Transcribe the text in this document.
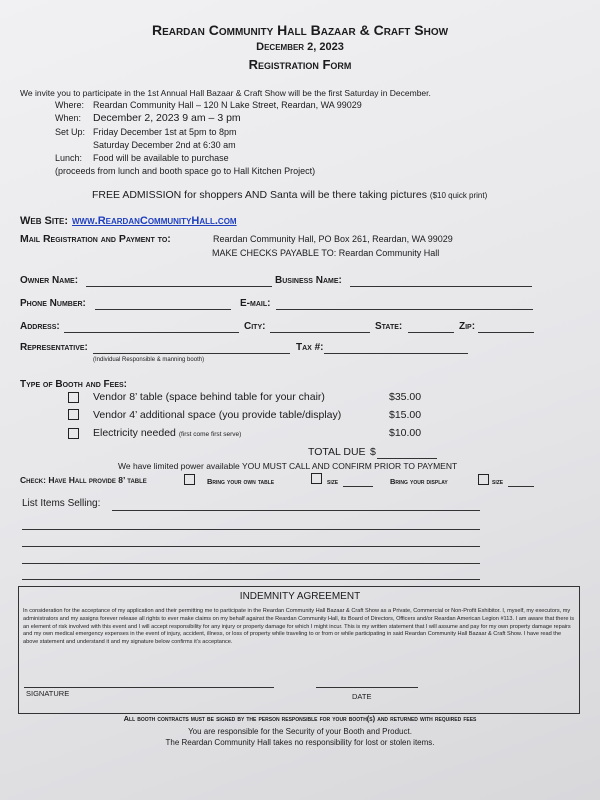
Reardan Community Hall Bazaar & Craft Show
December 2, 2023
Registration Form
We invite you to participate in the 1st Annual Hall Bazaar & Craft Show will be the first Saturday in December.
Where: Reardan Community Hall – 120 N Lake Street, Reardan, WA 99029
When: December 2, 2023 9 am – 3 pm
Set Up: Friday December 1st at 5pm to 8pm
Saturday December 2nd at 6:30 am
Lunch: Food will be available to purchase
(proceeds from lunch and booth space go to Hall Kitchen Project)
FREE ADMISSION for shoppers AND Santa will be there taking pictures ($10 quick print)
Web Site: www.ReardanCommunityHall.com
Mail Registration and Payment to:	Reardan Community Hall, PO Box 261, Reardan, WA 99029
MAKE CHECKS PAYABLE TO: Reardan Community Hall
Owner Name:	Business Name:
Phone Number:	E-mail:
Address:	City:	State:	Zip:
Representative:
(Individual Responsible & manning booth)
Tax #:
Type of Booth and Fees:
Vendor 8’ table (space behind table for your chair)	$35.00
Vendor 4’ additional space (you provide table/display)	$15.00
Electricity needed (first come first serve)	$10.00
TOTAL DUE $
We have limited power available YOU MUST CALL AND CONFIRM PRIOR TO PAYMENT
Check: Have Hall provide 8’ table	Bring your own table	size	Bring your display	size
List Items Selling:
INDEMNITY AGREEMENT
In consideration for the acceptance of my application and their permitting me to participate in the Reardan Community Hall Bazaar & Craft Show as a Private, Commercial or Non-Profit Exhibitor. I, myself, my executors, my administrators and my assigns forever release all rights to ever make claims on my behalf against the Reardan Community Hall, its Board of Directors, Officers and/or Reardan American Legion #113. I am aware that there is an element of risk involved with this event and I will accept responsibility for any injury or property damage for which I might incur. This is my written statement that I will assume and pay for my own property damage repairs and my own medical emergency expenses in the event of injury, accident, illness, or loss of property while traveling to or from or while participating in said Reardan Community Hall Bazaar & Craft Show. I have read the above statement and understand it and my signature below confirms it’s acceptance.
SIGNATURE	DATE
All booth contracts must be signed by the person responsible for your booth(s) and returned with required fees
You are responsible for the Security of your Booth and Product.
The Reardan Community Hall takes no responsibility for lost or stolen items.
